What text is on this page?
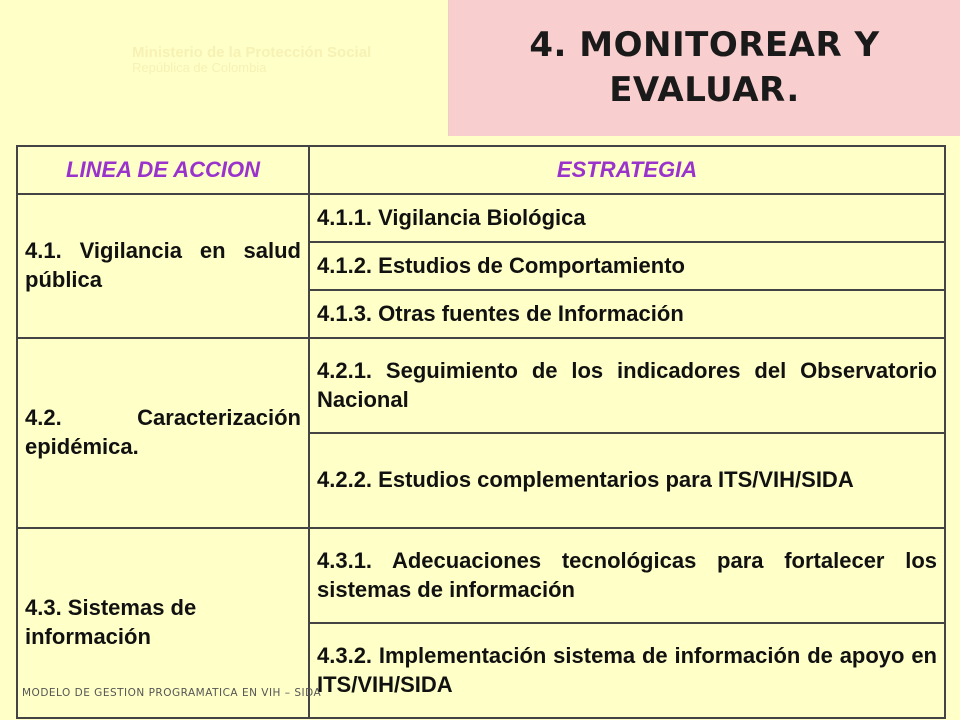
Ministerio de la Protección Social
República de Colombia
4. MONITOREAR Y
EVALUAR.
LINEA DE ACCION	ESTRATEGIA
4.1. Vigilancia en salud pública	4.1.1. Vigilancia Biológica
	4.1.2. Estudios de Comportamiento
	4.1.3. Otras fuentes de Información
4.2. Caracterización epidémica.	4.2.1. Seguimiento de los indicadores del Observatorio Nacional
	4.2.2. Estudios complementarios para ITS/VIH/SIDA
4.3. Sistemas de información	4.3.1. Adecuaciones tecnológicas para fortalecer los sistemas de información
	4.3.2. Implementación sistema de información de apoyo en ITS/VIH/SIDA
MODELO DE GESTION PROGRAMATICA EN VIH – SIDA
